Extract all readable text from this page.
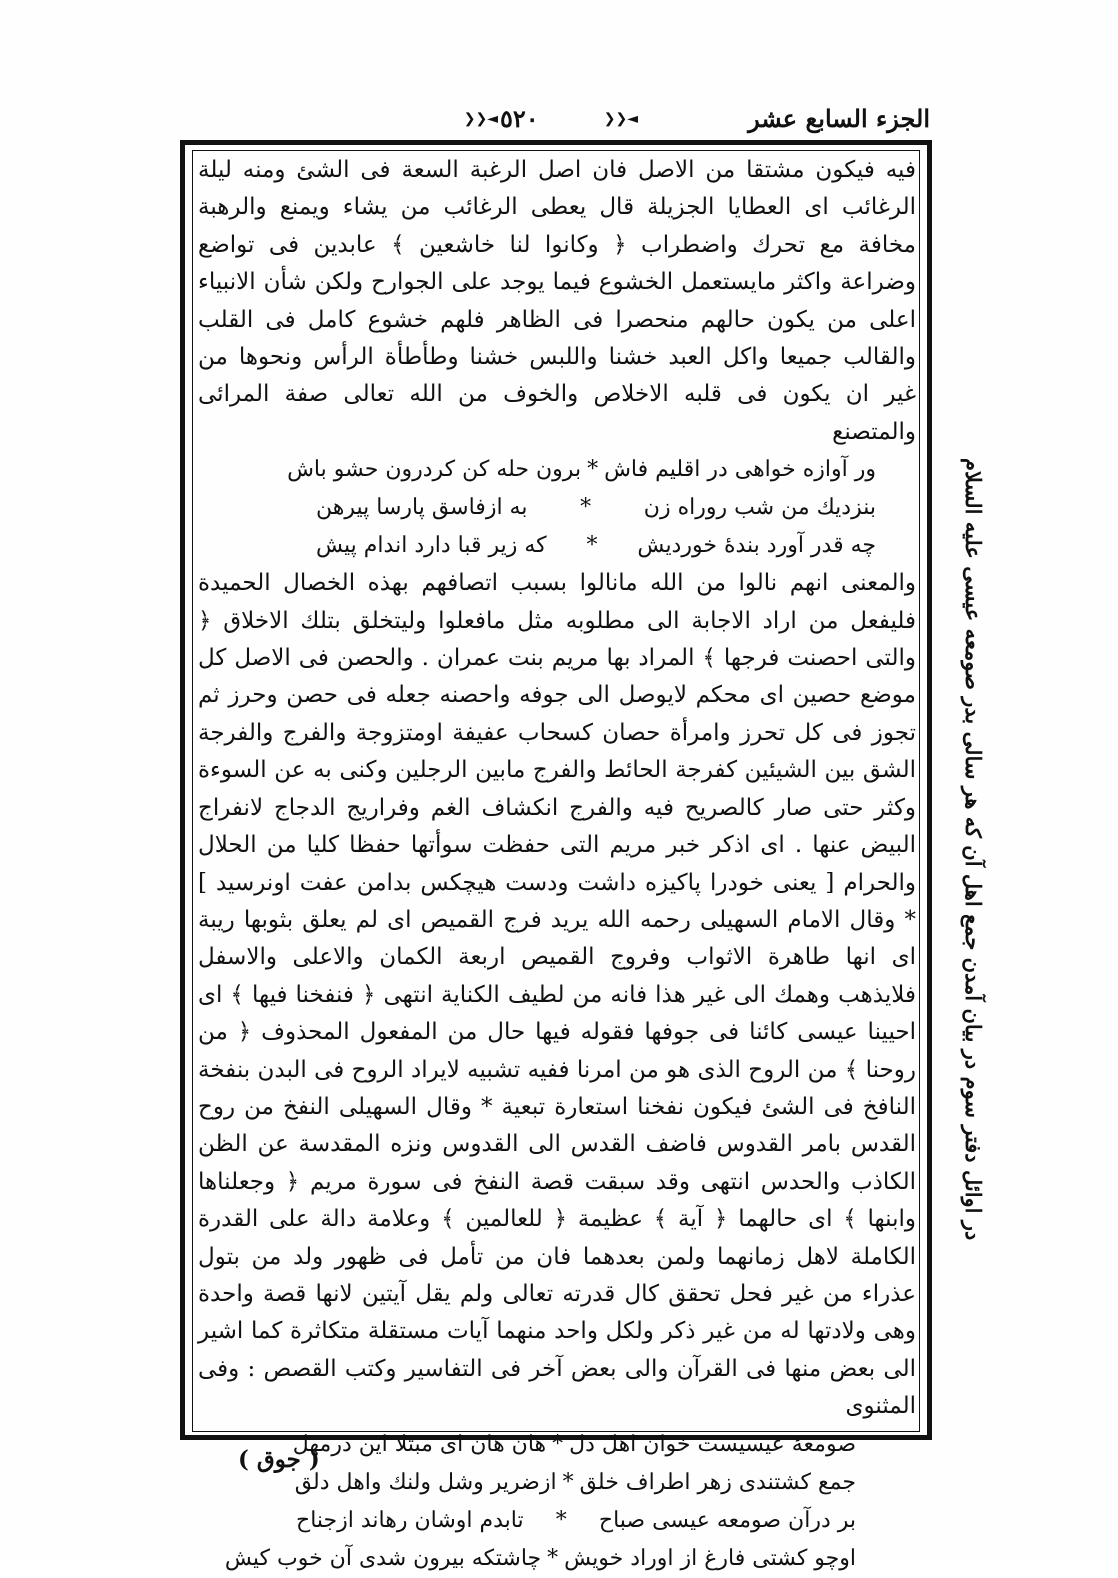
الجزء السابع عشر
◄❮❮ ٥٢٠	◄❮❮

فيه فيكون مشتقا من الاصل فان اصل الرغبة السعة فى الشئ ومنه ليلة الرغائب اى العطايا الجزيلة قال يعطى الرغائب من يشاء ويمنع والرهبة مخافة مع تحرك واضطراب ﴿ وكانوا لنا خاشعين ﴾ عابدين فى تواضع وضراعة واكثر مايستعمل الخشوع فيما يوجد على الجوارح ولكن شأن الانبياء اعلى من يكون حالهم منحصرا فى الظاهر فلهم خشوع كامل فى القلب والقالب جميعا واكل العبد خشنا واللبس خشنا وطأطأة الرأس ونحوها من غير ان يكون فى قلبه الاخلاص والخوف من الله تعالى صفة المرائى والمتصنع

ور آوازه خواهى در اقليم فاش
*
برون حله كن كردرون حشو باش
بنزديك من شب روراه زن
*
به ازفاسق پارسا پيرهن
چه قدر آورد بندهٔ خورديش
*
كه زير قبا دارد اندام پيش

والمعنى انهم نالوا من الله مانالوا بسبب اتصافهم بهذه الخصال الحميدة فليفعل من اراد الاجابة الى مطلوبه مثل مافعلوا وليتخلق بتلك الاخلاق ﴿ والتى احصنت فرجها ﴾ المراد بها مريم بنت عمران . والحصن فى الاصل كل موضع حصين اى محكم لايوصل الى جوفه واحصنه جعله فى حصن وحرز ثم تجوز فى كل تحرز وامرأة حصان كسحاب عفيفة اومتزوجة والفرج والفرجة الشق بين الشيئين كفرجة الحائط والفرج مابين الرجلين وكنى به عن السوءة وكثر حتى صار كالصريح فيه والفرج انكشاف الغم وفراريج الدجاج لانفراج البيض عنها . اى اذكر خبر مريم التى حفظت سوأتها حفظا كليا من الحلال والحرام [ يعنى خودرا پاكيزه داشت ودست هيچكس بدامن عفت اونرسيد ] * وقال الامام السهيلى رحمه الله يريد فرج القميص اى لم يعلق بثوبها ريبة اى انها طاهرة الاثواب وفروج القميص اربعة الكمان والاعلى والاسفل فلايذهب وهمك الى غير هذا فانه من لطيف الكناية انتهى ﴿ فنفخنا فيها ﴾ اى احيينا عيسى كائنا فى جوفها فقوله فيها حال من المفعول المحذوف ﴿ من روحنا ﴾ من الروح الذى هو من امرنا ففيه تشبيه لايراد الروح فى البدن بنفخة النافخ فى الشئ فيكون نفخنا استعارة تبعية * وقال السهيلى النفخ من روح القدس بامر القدوس فاضف القدس الى القدوس ونزه المقدسة عن الظن الكاذب والحدس انتهى وقد سبقت قصة النفخ فى سورة مريم ﴿ وجعلناها وابنها ﴾ اى حالهما ﴿ آية ﴾ عظيمة ﴿ للعالمين ﴾ وعلامة دالة على القدرة الكاملة لاهل زمانهما ولمن بعدهما فان من تأمل فى ظهور ولد من بتول عذراء من غير فحل تحقق كال قدرته تعالى ولم يقل آيتين لانها قصة واحدة وهى ولادتها له من غير ذكر ولكل واحد منهما آيات مستقلة متكاثرة كما اشير الى بعض منها فى القرآن والى بعض آخر فى التفاسير وكتب القصص : وفى المثنوى

صومعهٔ عيسيست خوان اهل دل
*
هان هان اى مبتلا اين درمهل
جمع كشتندى زهر اطراف خلق
*
ازضرير وشل ولنك واهل دلق
بر درآن صومعه عيسى صباح
*
تابدم اوشان رهاند ازجناح
اوچو كشتى فارغ از اوراد خويش
*
چاشتكه بيرون شدى آن خوب كيش
ﺩﺭ ﺍﻭﺍﺋﻞ ﺩﻓﺘﺮ ﺳﻮﻡ ﺩﺭ ﺑﻴﺎﻥ ﺁﻣﺪﻥ ﺟﻤﻊ ﺍﻫﻞ ﺁﻥ ﻛﻪ ﻫﺮ ﺳﺎﻟﻰ ﺑﺪﺭ ﺻﻮﻣﻌﻪ ﻋﻴﺴﻰ ﻋﻠﻴﻪ ﺍﻟﺴﻼﻡ
( جوق )
